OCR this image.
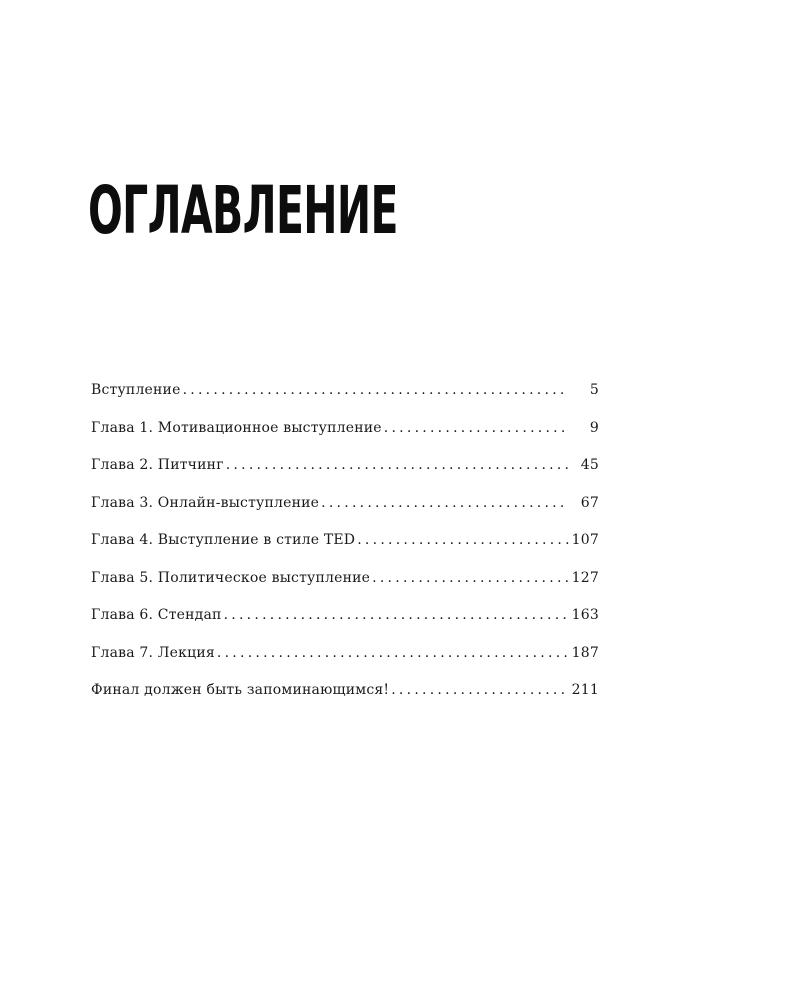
ОГЛАВЛЕНИЕ
Вступление . . .	5
Глава 1. Мотивационное выступление . . .	9
Глава 2. Питчинг . . .	45
Глава 3. Онлайн-выступление . . .	67
Глава 4. Выступление в стиле TED . . .	107
Глава 5. Политическое выступление . . .	127
Глава 6. Стендап . . .	163
Глава 7. Лекция . . .	187
Финал должен быть запоминающимся! . . .	211
